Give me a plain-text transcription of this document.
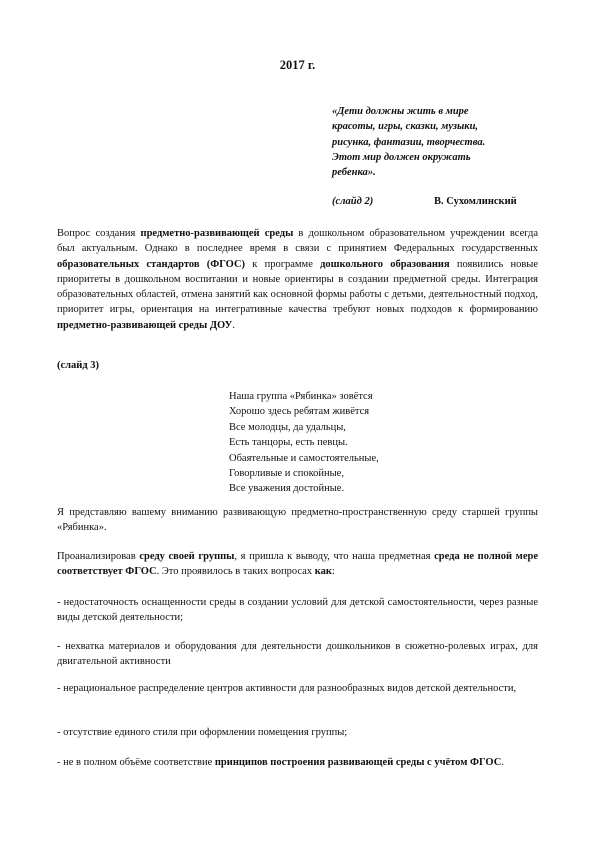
2017 г.
«Дети должны жить в мире
красоты, игры, сказки, музыки,
рисунка, фантазии, творчества.
Этот мир должен окружать
ребенка».
(слайд 2)	В. Сухомлинский
Вопрос создания предметно-развивающей среды в дошкольном образовательном учреждении всегда был актуальным. Однако в последнее время в связи с принятием Федеральных государственных образовательных стандартов (ФГОС) к программе дошкольного образования появились новые приоритеты в дошкольном воспитании и новые ориентиры в создании предметной среды. Интеграция образовательных областей, отмена занятий как основной формы работы с детьми, деятельностный подход, приоритет игры, ориентация на интегративные качества требуют новых подходов к формированию предметно-развивающей среды ДОУ.
(слайд 3)
Наша группа «Рябинка» зовётся
Хорошо здесь ребятам живётся
Все молодцы, да удальцы,
Есть танцоры, есть певцы.
Обаятельные и самостоятельные,
Говорливые и спокойные,
Все уважения достойные.
Я представляю вашему вниманию развивающую предметно-пространственную среду старшей группы «Рябинка».
Проанализировав среду своей группы, я пришла к выводу, что наша предметная среда не полной мере соответствует ФГОС. Это проявилось в таких вопросах как:
- недостаточность оснащенности среды в создании условий для детской самостоятельности, через разные виды детской деятельности;
- нехватка материалов и оборудования для деятельности дошкольников в сюжетно-ролевых играх, для двигательной активности
- нерациональное распределение центров активности для разнообразных видов детской деятельности,
- отсутствие единого стиля при оформлении помещения группы;
- не в полном объёме соответствие принципов построения развивающей среды с учётом ФГОС.
